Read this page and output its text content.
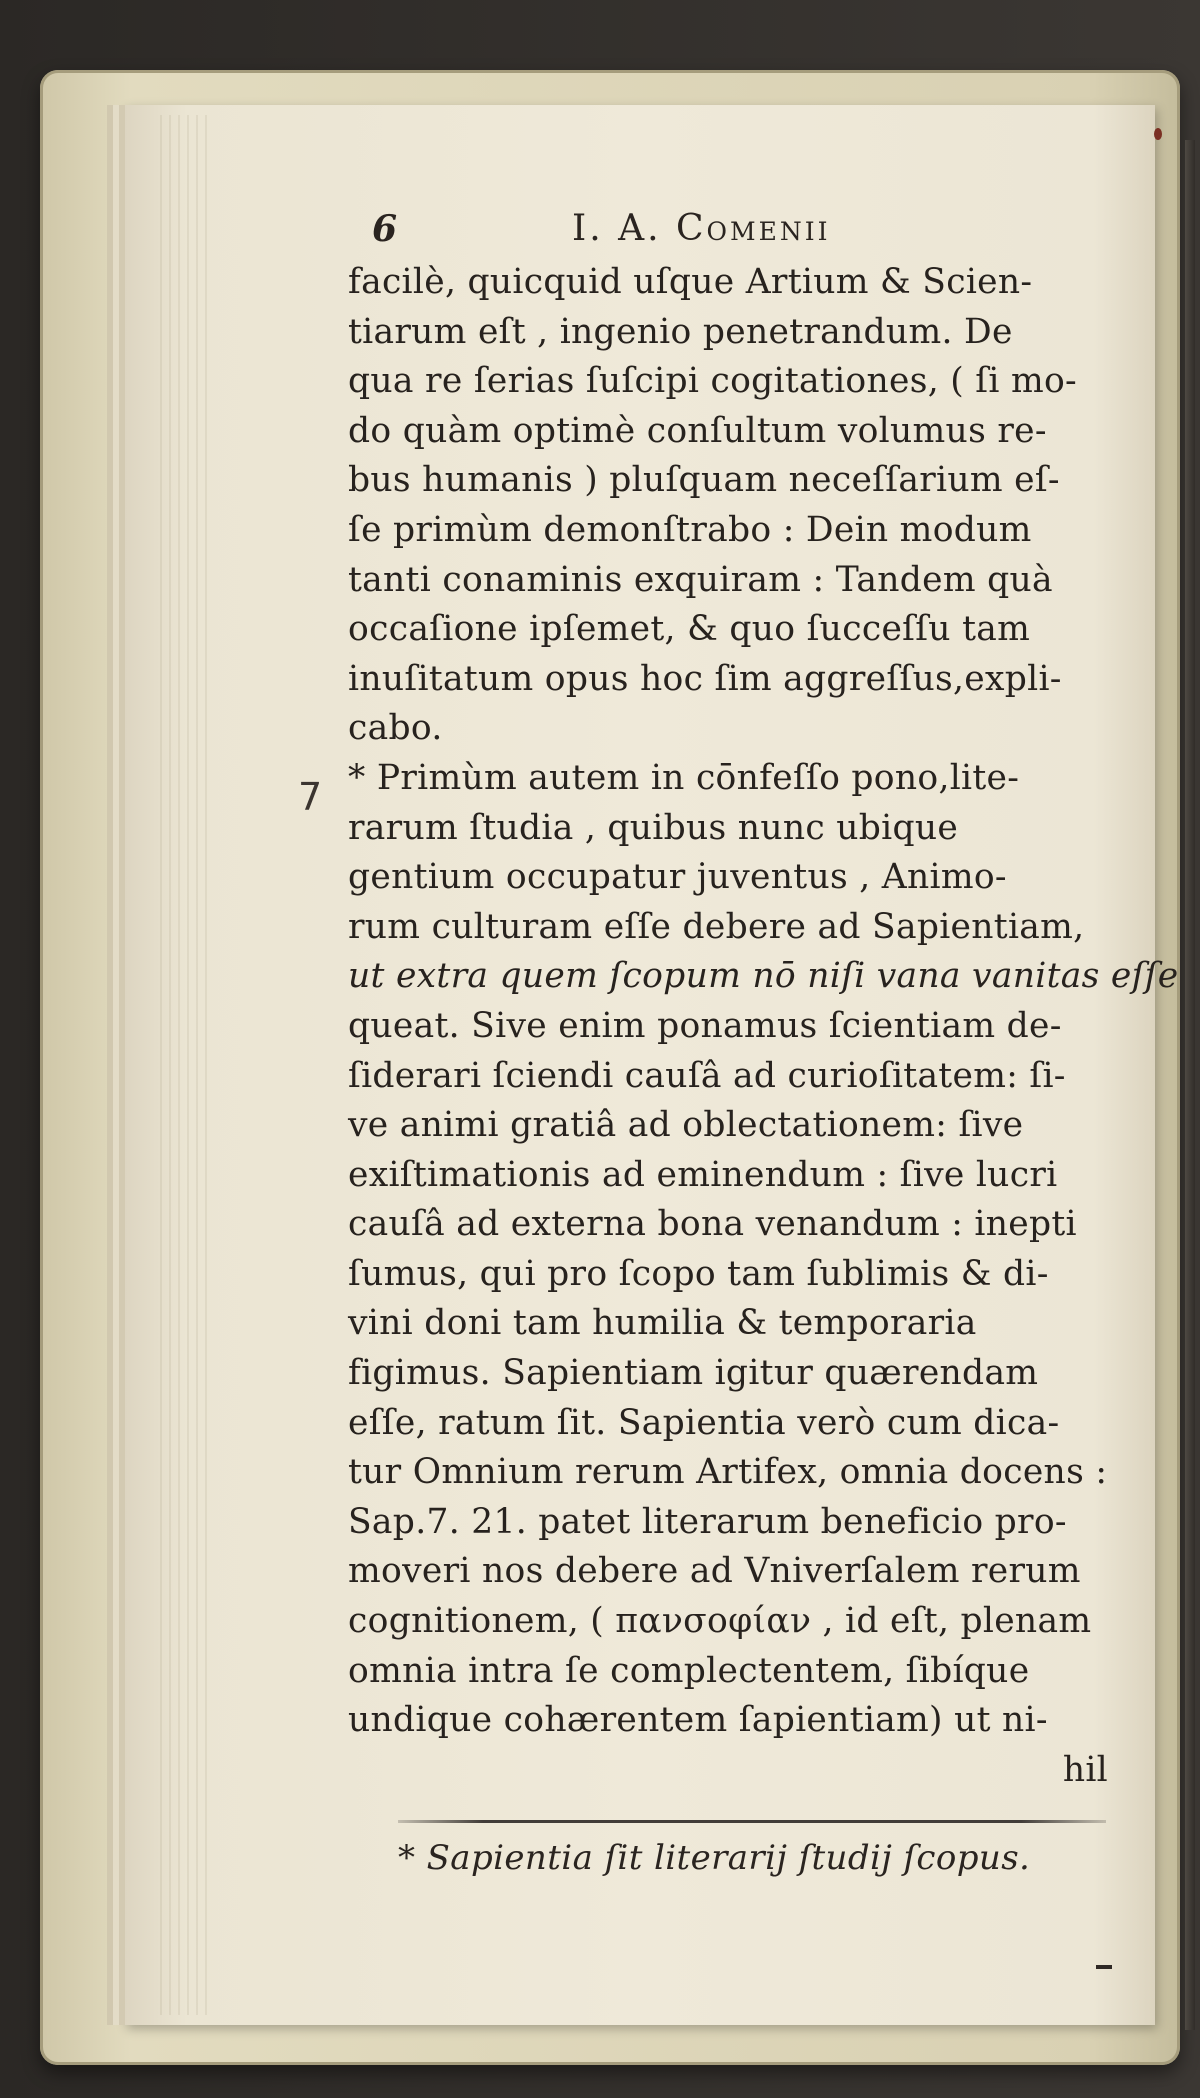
6	I. A. Comenii
7
facilè, quicquid uſque Artium & Scien-
tiarum eſt , ingenio penetrandum. De
qua re ſerias ſuſcipi cogitationes, ( ſi mo-
do quàm optimè conſultum volumus re-
bus humanis ) pluſquam neceſſarium eſ-
ſe primùm demonſtrabo : Dein modum
tanti conaminis exquiram : Tandem quà
occaſione ipſemet, & quo ſucceſſu tam
inuſitatum opus hoc ſim aggreſſus,expli-
cabo.
* Primùm autem in cōnfeſſo pono,lite-
rarum ſtudia , quibus nunc ubique
gentium occupatur juventus , Animo-
rum culturam eſſe debere ad Sapientiam,
ut extra quem ſcopum nō niſi vana vanitas eſſe
queat. Sive enim ponamus ſcientiam de-
ſiderari ſciendi cauſâ ad curioſitatem: ſi-
ve animi gratiâ ad oblectationem: ſive
exiſtimationis ad eminendum : ſive lucri
cauſâ ad externa bona venandum : inepti
ſumus, qui pro ſcopo tam ſublimis & di-
vini doni tam humilia & temporaria
figimus. Sapientiam igitur quærendam
eſſe, ratum ſit. Sapientia verò cum dica-
tur Omnium rerum Artifex, omnia docens :
Sap.7. 21. patet literarum beneficio pro-
moveri nos debere ad Vniverſalem rerum
cognitionem, ( πανσοφίαν , id eſt, plenam
omnia intra ſe complectentem, ſibíque
undique cohærentem ſapientiam) ut ni-
hil
* Sapientia ſit literarij ſtudij ſcopus.
